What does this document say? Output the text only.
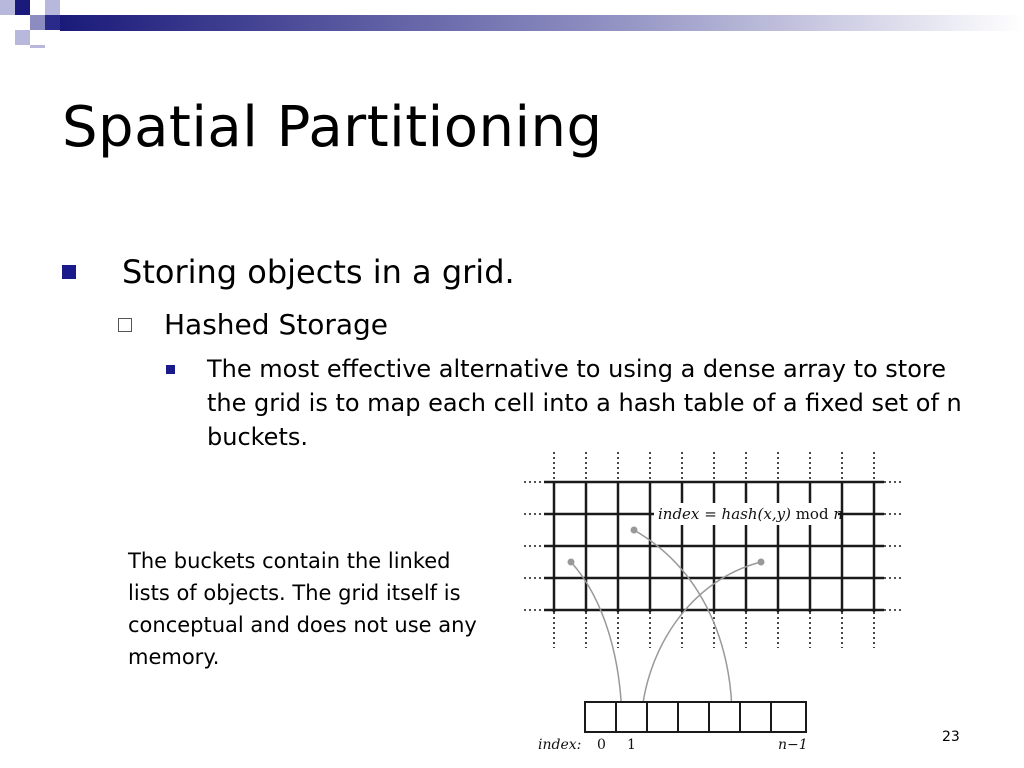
Spatial Partitioning
Storing objects in a grid.
Hashed Storage
The most effective alternative to using a dense array to store the grid is to map each cell into a hash table of a fixed set of n buckets.
The buckets contain the linked lists of objects. The grid itself is conceptual and does not use any memory.
index = hash(x,y) mod n
index: 0 1	n−1	23
